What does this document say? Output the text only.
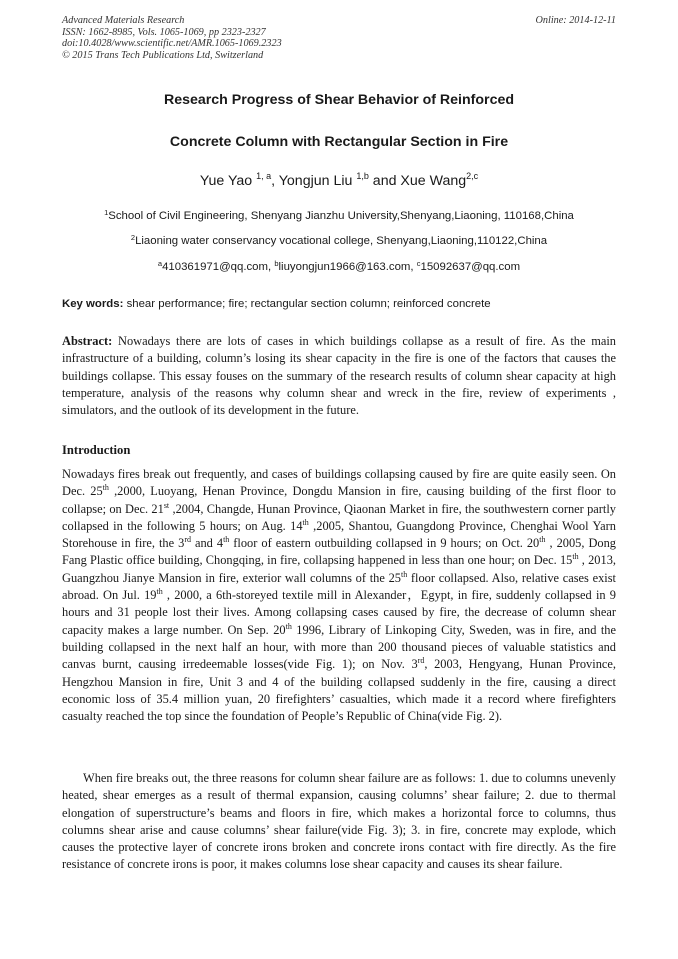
Advanced Materials Research
ISSN: 1662-8985, Vols. 1065-1069, pp 2323-2327
doi:10.4028/www.scientific.net/AMR.1065-1069.2323
© 2015 Trans Tech Publications Ltd, Switzerland
Online: 2014-12-11
Research Progress of Shear Behavior of Reinforced
Concrete Column with Rectangular Section in Fire
Yue Yao $^{1, a}$, Yongjun Liu $^{1,b}$ and Xue Wang$^{2,c}$
$^1$School of Civil Engineering, Shenyang Jianzhu University,Shenyang,Liaoning, 110168,China
$^2$Liaoning water conservancy vocational college, Shenyang,Liaoning,110122,China
$^a$410361971@qq.com, $^b$liuyongjun1966@163.com, $^c$15092637@qq.com
Key words: shear performance; fire; rectangular section column; reinforced concrete
Abstract: Nowadays there are lots of cases in which buildings collapse as a result of fire. As the main infrastructure of a building, column’s losing its shear capacity in the fire is one of the factors that causes the buildings collapse. This essay fouses on the summary of the research results of column shear capacity at high temperature, analysis of the reasons why column shear and wreck in the fire, review of experiments , simulators, and the outlook of its development in the future.
Introduction
Nowadays fires break out frequently, and cases of buildings collapsing caused by fire are quite easily seen. On Dec. 25th ,2000, Luoyang, Henan Province, Dongdu Mansion in fire, causing building of the first floor to collapse; on Dec. 21st ,2004, Changde, Hunan Province, Qiaonan Market in fire, the southwestern corner partly collapsed in the following 5 hours; on Aug. 14th ,2005, Shantou, Guangdong Province, Chenghai Wool Yarn Storehouse in fire, the 3rd and 4th floor of eastern outbuilding collapsed in 9 hours; on Oct. 20th , 2005, Dong Fang Plastic office building, Chongqing, in fire, collapsing happened in less than one hour; on Dec. 15th , 2013, Guangzhou Jianye Mansion in fire, exterior wall columns of the 25th floor collapsed. Also, relative cases exist abroad. On Jul. 19th , 2000, a 6th-storeyed textile mill in Alexander，Egypt, in fire, suddenly collapsed in 9 hours and 31 people lost their lives. Among collapsing cases caused by fire, the decrease of column shear capacity makes a large number. On Sep. 20th 1996, Library of Linkoping City, Sweden, was in fire, and the building collapsed in the next half an hour, with more than 200 thousand pieces of valuable statistics and canvas burnt, causing irredeemable losses(vide Fig. 1); on Nov. 3rd, 2003, Hengyang, Hunan Province, Hengzhou Mansion in fire, Unit 3 and 4 of the building collapsed suddenly in the fire, causing a direct economic loss of 35.4 million yuan, 20 firefighters’ casualties, which made it a record where firefighters casualty reached the top since the foundation of People’s Republic of China(vide Fig. 2).
When fire breaks out, the three reasons for column shear failure are as follows: 1. due to columns unevenly heated, shear emerges as a result of thermal expansion, causing columns’ shear failure; 2. due to thermal elongation of superstructure’s beams and floors in fire, which makes a horizontal force to columns, thus columns shear arise and cause columns’ shear failure(vide Fig. 3); 3. in fire, concrete may explode, which causes the protective layer of concrete irons broken and concrete irons contact with fire directly. As the fire resistance of concrete irons is poor, it makes columns lose shear capacity and causes its shear failure.
